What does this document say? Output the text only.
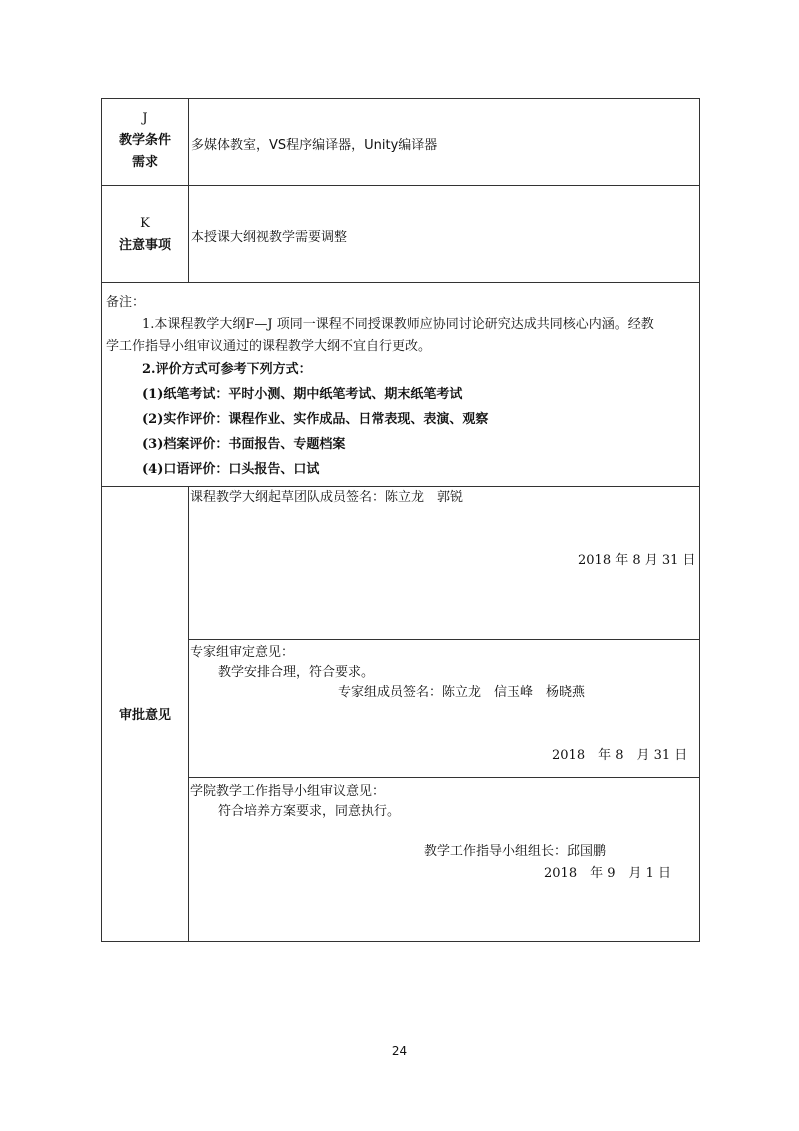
J
教学条件
需求
多媒体教室，VS程序编译器，Unity编译器
K
注意事项
本授课大纲视教学需要调整
备注：
1.本课程教学大纲F—J 项同一课程不同授课教师应协同讨论研究达成共同核心内涵。经教
学工作指导小组审议通过的课程教学大纲不宜自行更改。
2.评价方式可参考下列方式：
(1)纸笔考试：平时小测、期中纸笔考试、期末纸笔考试
(2)实作评价：课程作业、实作成品、日常表现、表演、观察
(3)档案评价：书面报告、专题档案
(4)口语评价：口头报告、口试
审批意见
课程教学大纲起草团队成员签名：陈立龙　郭锐
2018 年 8 月 31 日
专家组审定意见：
教学安排合理，符合要求。
专家组成员签名：陈立龙　信玉峰　杨晓燕
2018　年 8　月 31 日
学院教学工作指导小组审议意见：
符合培养方案要求，同意执行。
教学工作指导小组组长：邱国鹏
2018　年 9　月 1 日
24
